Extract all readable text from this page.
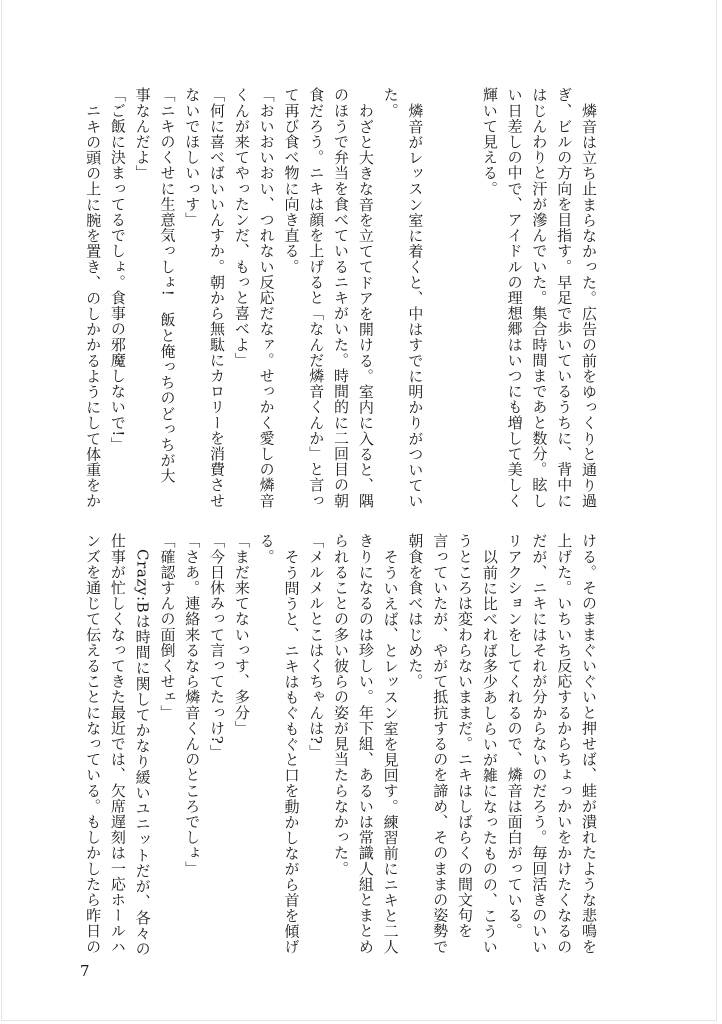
燐音は立ち止まらなかった。広告の前をゆっくりと通り過
ぎ、ビルの方向を目指す。早足で歩いているうちに、背中に
はじんわりと汗が滲んでいた。集合時間まであと数分。眩し
い日差しの中で、アイドルの理想郷はいつにも増して美しく
輝いて見える。
燐音がレッスン室に着くと、中はすでに明かりがついてい
た。
わざと大きな音を立ててドアを開ける。室内に入ると、隅
のほうで弁当を食べているニキがいた。時間的に二回目の朝
食だろう。ニキは顔を上げると「なんだ燐音くんか」と言っ
て再び食べ物に向き直る。
「おいおいおい、つれない反応だなァ。せっかく愛しの燐音
くんが来てやったンだ、もっと喜べよ」
「何に喜べばいいんすか。朝から無駄にカロリーを消費させ
ないでほしいっす」
「ニキのくせに生意気っしょ!　飯と俺っちのどっちが大
事なんだよ」
「ご飯に決まってるでしょ。食事の邪魔しないで!」
ニキの頭の上に腕を置き、のしかかるようにして体重をか
ける。そのままぐいぐいと押せば、蛙が潰れたような悲鳴を
上げた。いちいち反応するからちょっかいをかけたくなるの
だが、ニキにはそれが分からないのだろう。毎回活きのいい
リアクションをしてくれるので、燐音は面白がっている。
以前に比べれば多少あしらいが雑になったものの、こうい
うところは変わらないままだ。ニキはしばらくの間文句を
言っていたが、やがて抵抗するのを諦め、そのままの姿勢で
朝食を食べはじめた。
そういえば、とレッスン室を見回す。練習前にニキと二人
きりになるのは珍しい。年下組、あるいは常識人組とまとめ
られることの多い彼らの姿が見当たらなかった。
「メルメルとこはくちゃんは?」
そう問うと、ニキはもぐもぐと口を動かしながら首を傾げ
る。
「まだ来てないっす、多分」
「今日休みって言ってたっけ?」
「さあ。連絡来るなら燐音くんのところでしょ」
「確認すんの面倒くせェ」
Crazy:Bは時間に関してかなり緩いユニットだが、各々の
仕事が忙しくなってきた最近では、欠席遅刻は一応ホールハ
ンズを通じて伝えることになっている。もしかしたら昨日の
7
